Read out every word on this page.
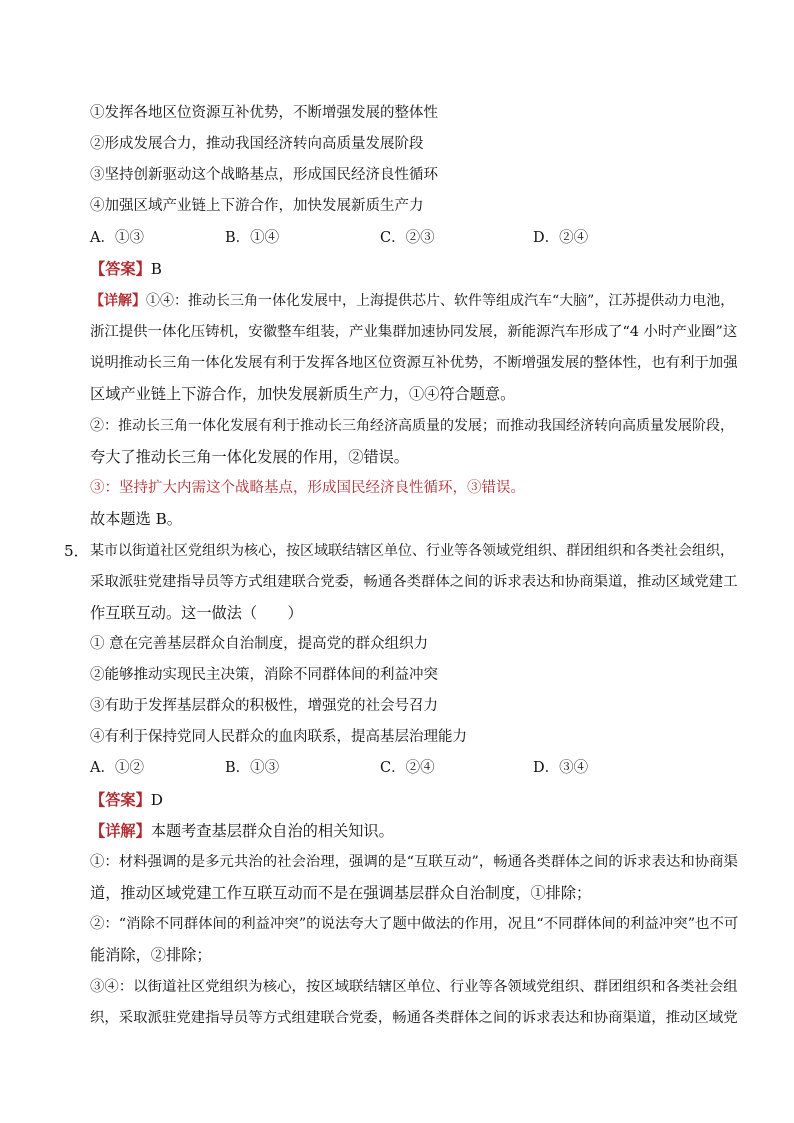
①发挥各地区位资源互补优势，不断增强发展的整体性
②形成发展合力，推动我国经济转向高质量发展阶段
③坚持创新驱动这个战略基点，形成国民经济良性循环
④加强区域产业链上下游合作，加快发展新质生产力
A．①③	B．①④	C．②③	D．②④
【答案】B
【详解】①④：推动长三角一体化发展中，上海提供芯片、软件等组成汽车“大脑”，江苏提供动力电池，
浙江提供一体化压铸机，安徽整车组装，产业集群加速协同发展，新能源汽车形成了“4 小时产业圈”这
说明推动长三角一体化发展有利于发挥各地区位资源互补优势，不断增强发展的整体性，也有利于加强
区域产业链上下游合作，加快发展新质生产力，①④符合题意。
②：推动长三角一体化发展有利于推动长三角经济高质量的发展；而推动我国经济转向高质量发展阶段，
夸大了推动长三角一体化发展的作用，②错误。
③：坚持扩大内需这个战略基点，形成国民经济良性循环，③错误。
故本题选 B。
5． 某市以街道社区党组织为核心，按区域联结辖区单位、行业等各领域党组织、群团组织和各类社会组织，
采取派驻党建指导员等方式组建联合党委，畅通各类群体之间的诉求表达和协商渠道，推动区域党建工
作互联互动。这一做法（　　）
① 意在完善基层群众自治制度，提高党的群众组织力
②能够推动实现民主决策，消除不同群体间的利益冲突
③有助于发挥基层群众的积极性，增强党的社会号召力
④有利于保持党同人民群众的血肉联系，提高基层治理能力
A．①②	B．①③	C．②④	D．③④
【答案】D
【详解】本题考查基层群众自治的相关知识。
①：材料强调的是多元共治的社会治理，强调的是“互联互动”，畅通各类群体之间的诉求表达和协商渠
道，推动区域党建工作互联互动而不是在强调基层群众自治制度，①排除；
②：“消除不同群体间的利益冲突”的说法夸大了题中做法的作用，况且“不同群体间的利益冲突”也不可
能消除，②排除；
③④：以街道社区党组织为核心，按区域联结辖区单位、行业等各领域党组织、群团组织和各类社会组
织，采取派驻党建指导员等方式组建联合党委，畅通各类群体之间的诉求表达和协商渠道，推动区域党
